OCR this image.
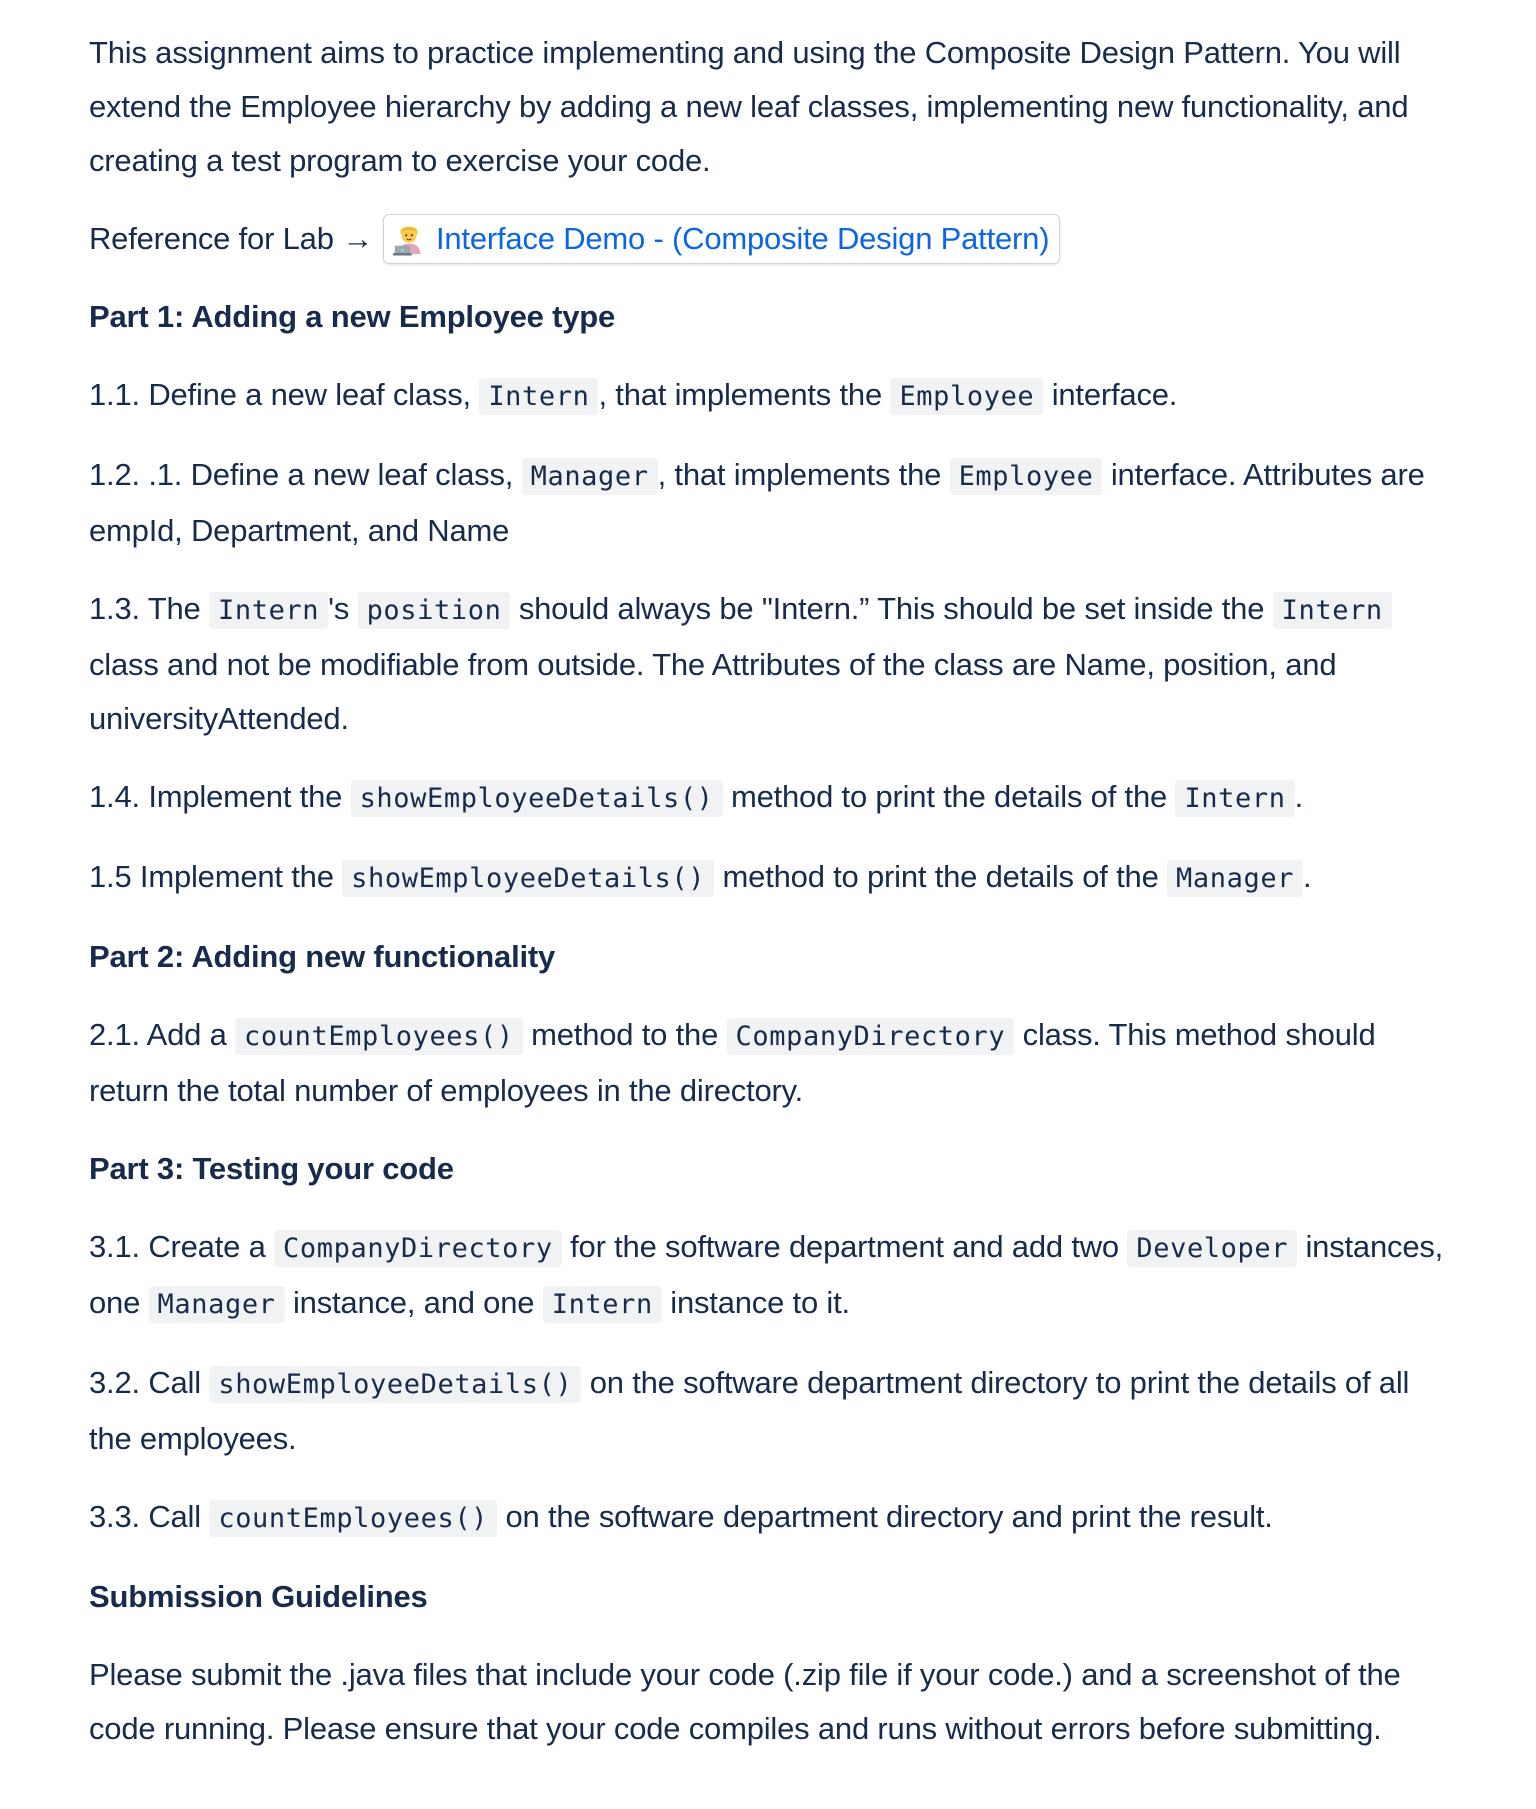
This assignment aims to practice implementing and using the Composite Design Pattern. You will extend the Employee hierarchy by adding a new leaf classes, implementing new functionality, and creating a test program to exercise your code.

Reference for Lab → Interface Demo - (Composite Design Pattern)

Part 1: Adding a new Employee type

1.1. Define a new leaf class, Intern , that implements the Employee interface.

1.2. .1. Define a new leaf class, Manager , that implements the Employee interface. Attributes are empId, Department, and Name

1.3. The Intern 's position should always be "Intern.” This should be set inside the Intern class and not be modifiable from outside. The Attributes of the class are Name, position, and universityAttended.

1.4. Implement the showEmployeeDetails() method to print the details of the Intern .

1.5 Implement the showEmployeeDetails() method to print the details of the Manager .

Part 2: Adding new functionality

2.1. Add a countEmployees() method to the CompanyDirectory class. This method should return the total number of employees in the directory.

Part 3: Testing your code

3.1. Create a CompanyDirectory for the software department and add two Developer instances, one Manager instance, and one Intern instance to it.

3.2. Call showEmployeeDetails() on the software department directory to print the details of all the employees.

3.3. Call countEmployees() on the software department directory and print the result.

Submission Guidelines

Please submit the .java files that include your code (.zip file if your code.) and a screenshot of the code running. Please ensure that your code compiles and runs without errors before submitting.
